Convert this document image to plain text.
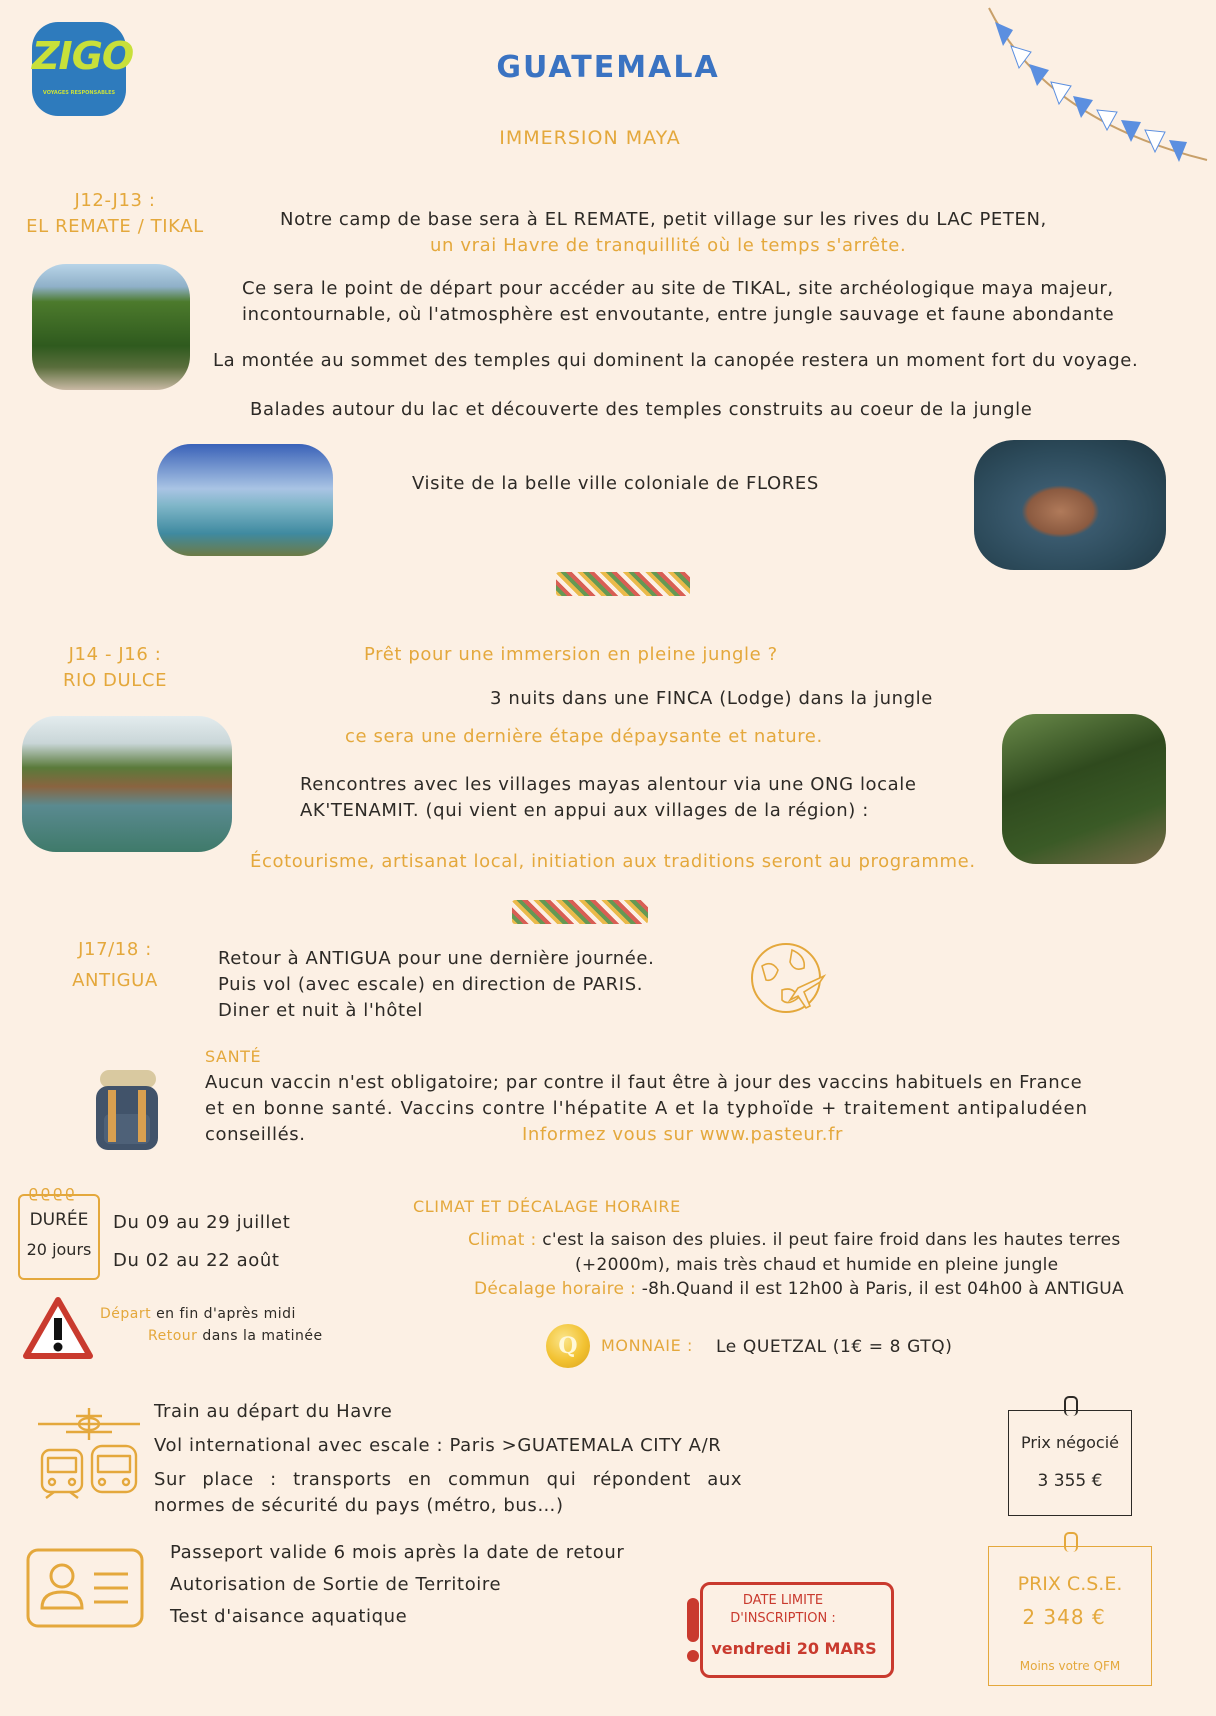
ZIGO
VOYAGES RESPONSABLES
GUATEMALA
IMMERSION MAYA
J12-J13 :
EL REMATE / TIKAL	Notre camp de base sera à EL REMATE, petit village sur les rives du LAC PETEN,
un vrai Havre de tranquillité où le temps s'arrête.
Ce sera le point de départ pour accéder au site de TIKAL, site archéologique maya majeur,
incontournable, où l'atmosphère est envoutante, entre jungle sauvage et faune abondante
La montée au sommet des temples qui dominent la canopée restera un moment fort du voyage.
Balades autour du lac et découverte des temples construits au coeur de la jungle
Visite de la belle ville coloniale de FLORES
J14 - J16 :
RIO DULCE
Prêt pour une immersion en pleine jungle ?
3 nuits dans une FINCA (Lodge) dans la jungle
ce sera une dernière étape dépaysante et nature.
Rencontres avec les villages mayas alentour via une ONG locale
AK'TENAMIT. (qui vient en appui aux villages de la région) :
Écotourisme, artisanat local, initiation aux traditions seront au programme.
J17/18 :
ANTIGUA
Retour à ANTIGUA pour une dernière journée.
Puis vol (avec escale) en direction de PARIS.
Diner et nuit à l'hôtel
SANTÉ
Aucun vaccin n'est obligatoire; par contre il faut être à jour des vaccins habituels en France
et en bonne santé. Vaccins contre l'hépatite A et la typhoïde + traitement antipaludéen
conseillés.	Informez vous sur www.pasteur.fr
ϱϱϱϱ
DURÉE
20 jours
Du 09 au 29 juillet
Du 02 au 22 août
Départ en fin d'après midi
Retour dans la matinée
CLIMAT ET DÉCALAGE HORAIRE
Climat : c'est la saison des pluies. il peut faire froid dans les hautes terres
(+2000m), mais très chaud et humide en pleine jungle
Décalage horaire : -8h.Quand il est 12h00 à Paris, il est 04h00 à ANTIGUA
Q	MONNAIE : Le QUETZAL (1€ = 8 GTQ)
Train au départ du Havre
Vol international avec escale : Paris >GUATEMALA CITY A/R
Sur place : transports en commun qui répondent aux
normes de sécurité du pays (métro, bus…)
Prix négocié
3 355 €
Passeport valide 6 mois après la date de retour
Autorisation de Sortie de Territoire
Test d'aisance aquatique
DATE LIMITE
D'INSCRIPTION :
vendredi 20 MARS
PRIX C.S.E.
2 348 €
Moins votre QFM
